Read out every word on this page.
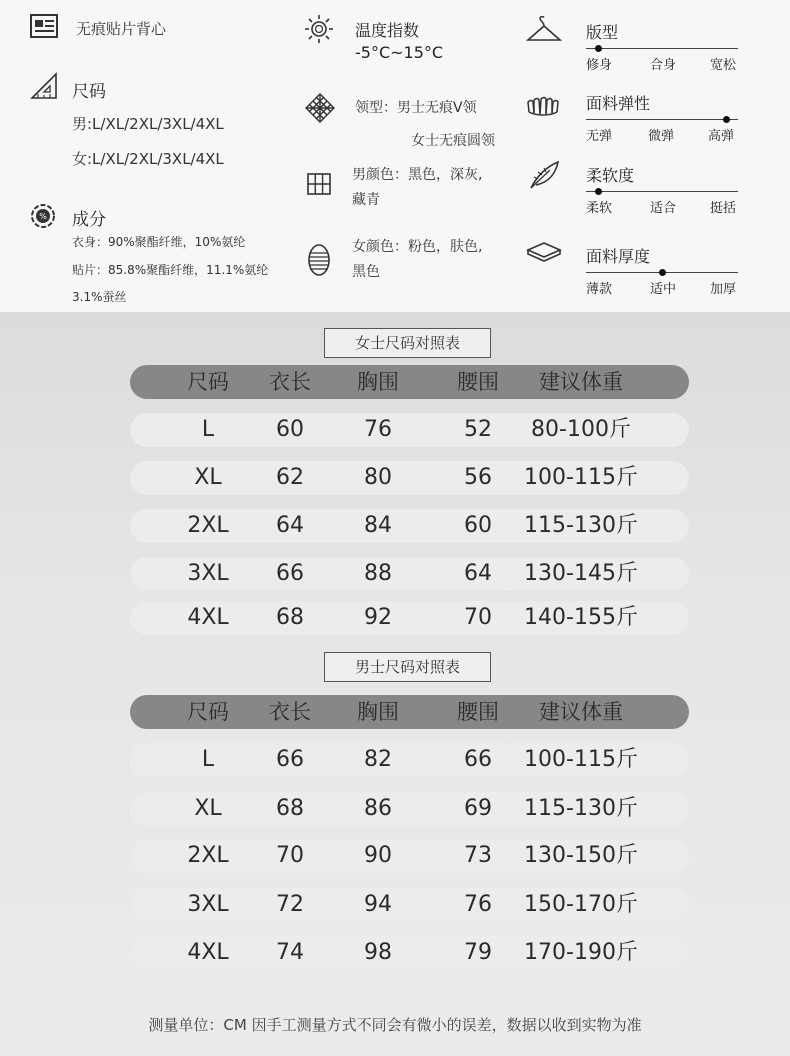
无痕贴片背心
尺码
男:L/XL/2XL/3XL/4XL
女:L/XL/2XL/3XL/4XL
% 成分
衣身：90%聚酯纤维，10%氨纶
贴片：85.8%聚酯纤维，11.1%氨纶
3.1%蚕丝
温度指数
-5°C~15°C
领型：男士无痕V领
女士无痕圆领
男颜色：黑色，深灰,
藏青
女颜色：粉色，肤色,
黑色
版型
修身	合身	宽松
面料弹性
无弹	微弹	高弹
柔软度
柔软	适合	挺括
面料厚度
薄款	适中	加厚
女士尺码对照表
尺码	衣长	胸围	腰围	建议体重
L	60	76	52	80-100斤
XL	62	80	56	100-115斤
2XL	64	84	60	115-130斤
3XL	66	88	64	130-145斤
4XL	68	92	70	140-155斤
男士尺码对照表
尺码	衣长	胸围	腰围	建议体重
L	66	82	66	100-115斤
XL	68	86	69	115-130斤
2XL	70	90	73	130-150斤
3XL	72	94	76	150-170斤
4XL	74	98	79	170-190斤
测量单位：CM 因手工测量方式不同会有微小的误差，数据以收到实物为准
